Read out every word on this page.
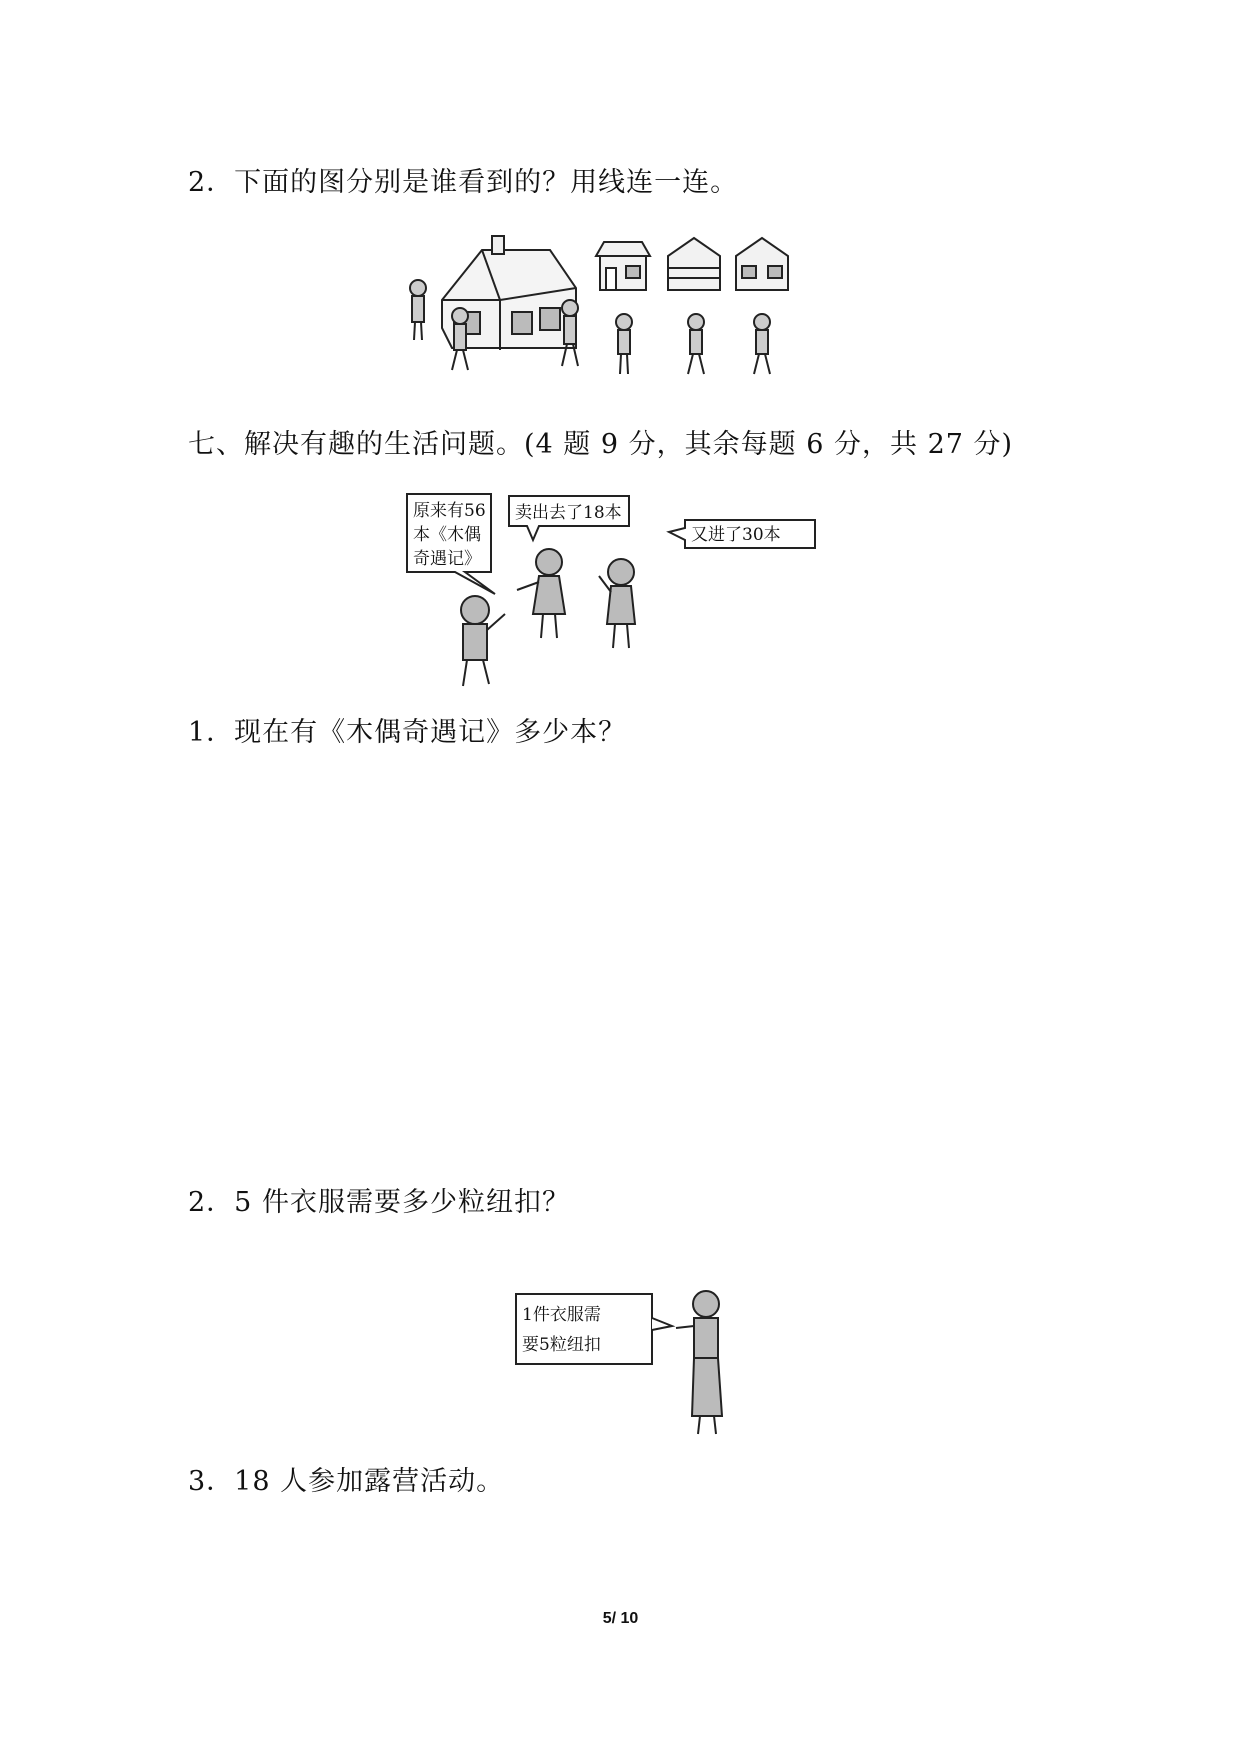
2．下面的图分别是谁看到的？用线连一连。
七、解决有趣的生活问题。(4 题 9 分，其余每题 6 分，共 27 分)
原来有56
本《木偶
奇遇记》
卖出去了18本
又进了30本
1．现在有《木偶奇遇记》多少本？
2．5 件衣服需要多少粒纽扣？
1件衣服需
要5粒纽扣
3．18 人参加露营活动。
5/ 10
